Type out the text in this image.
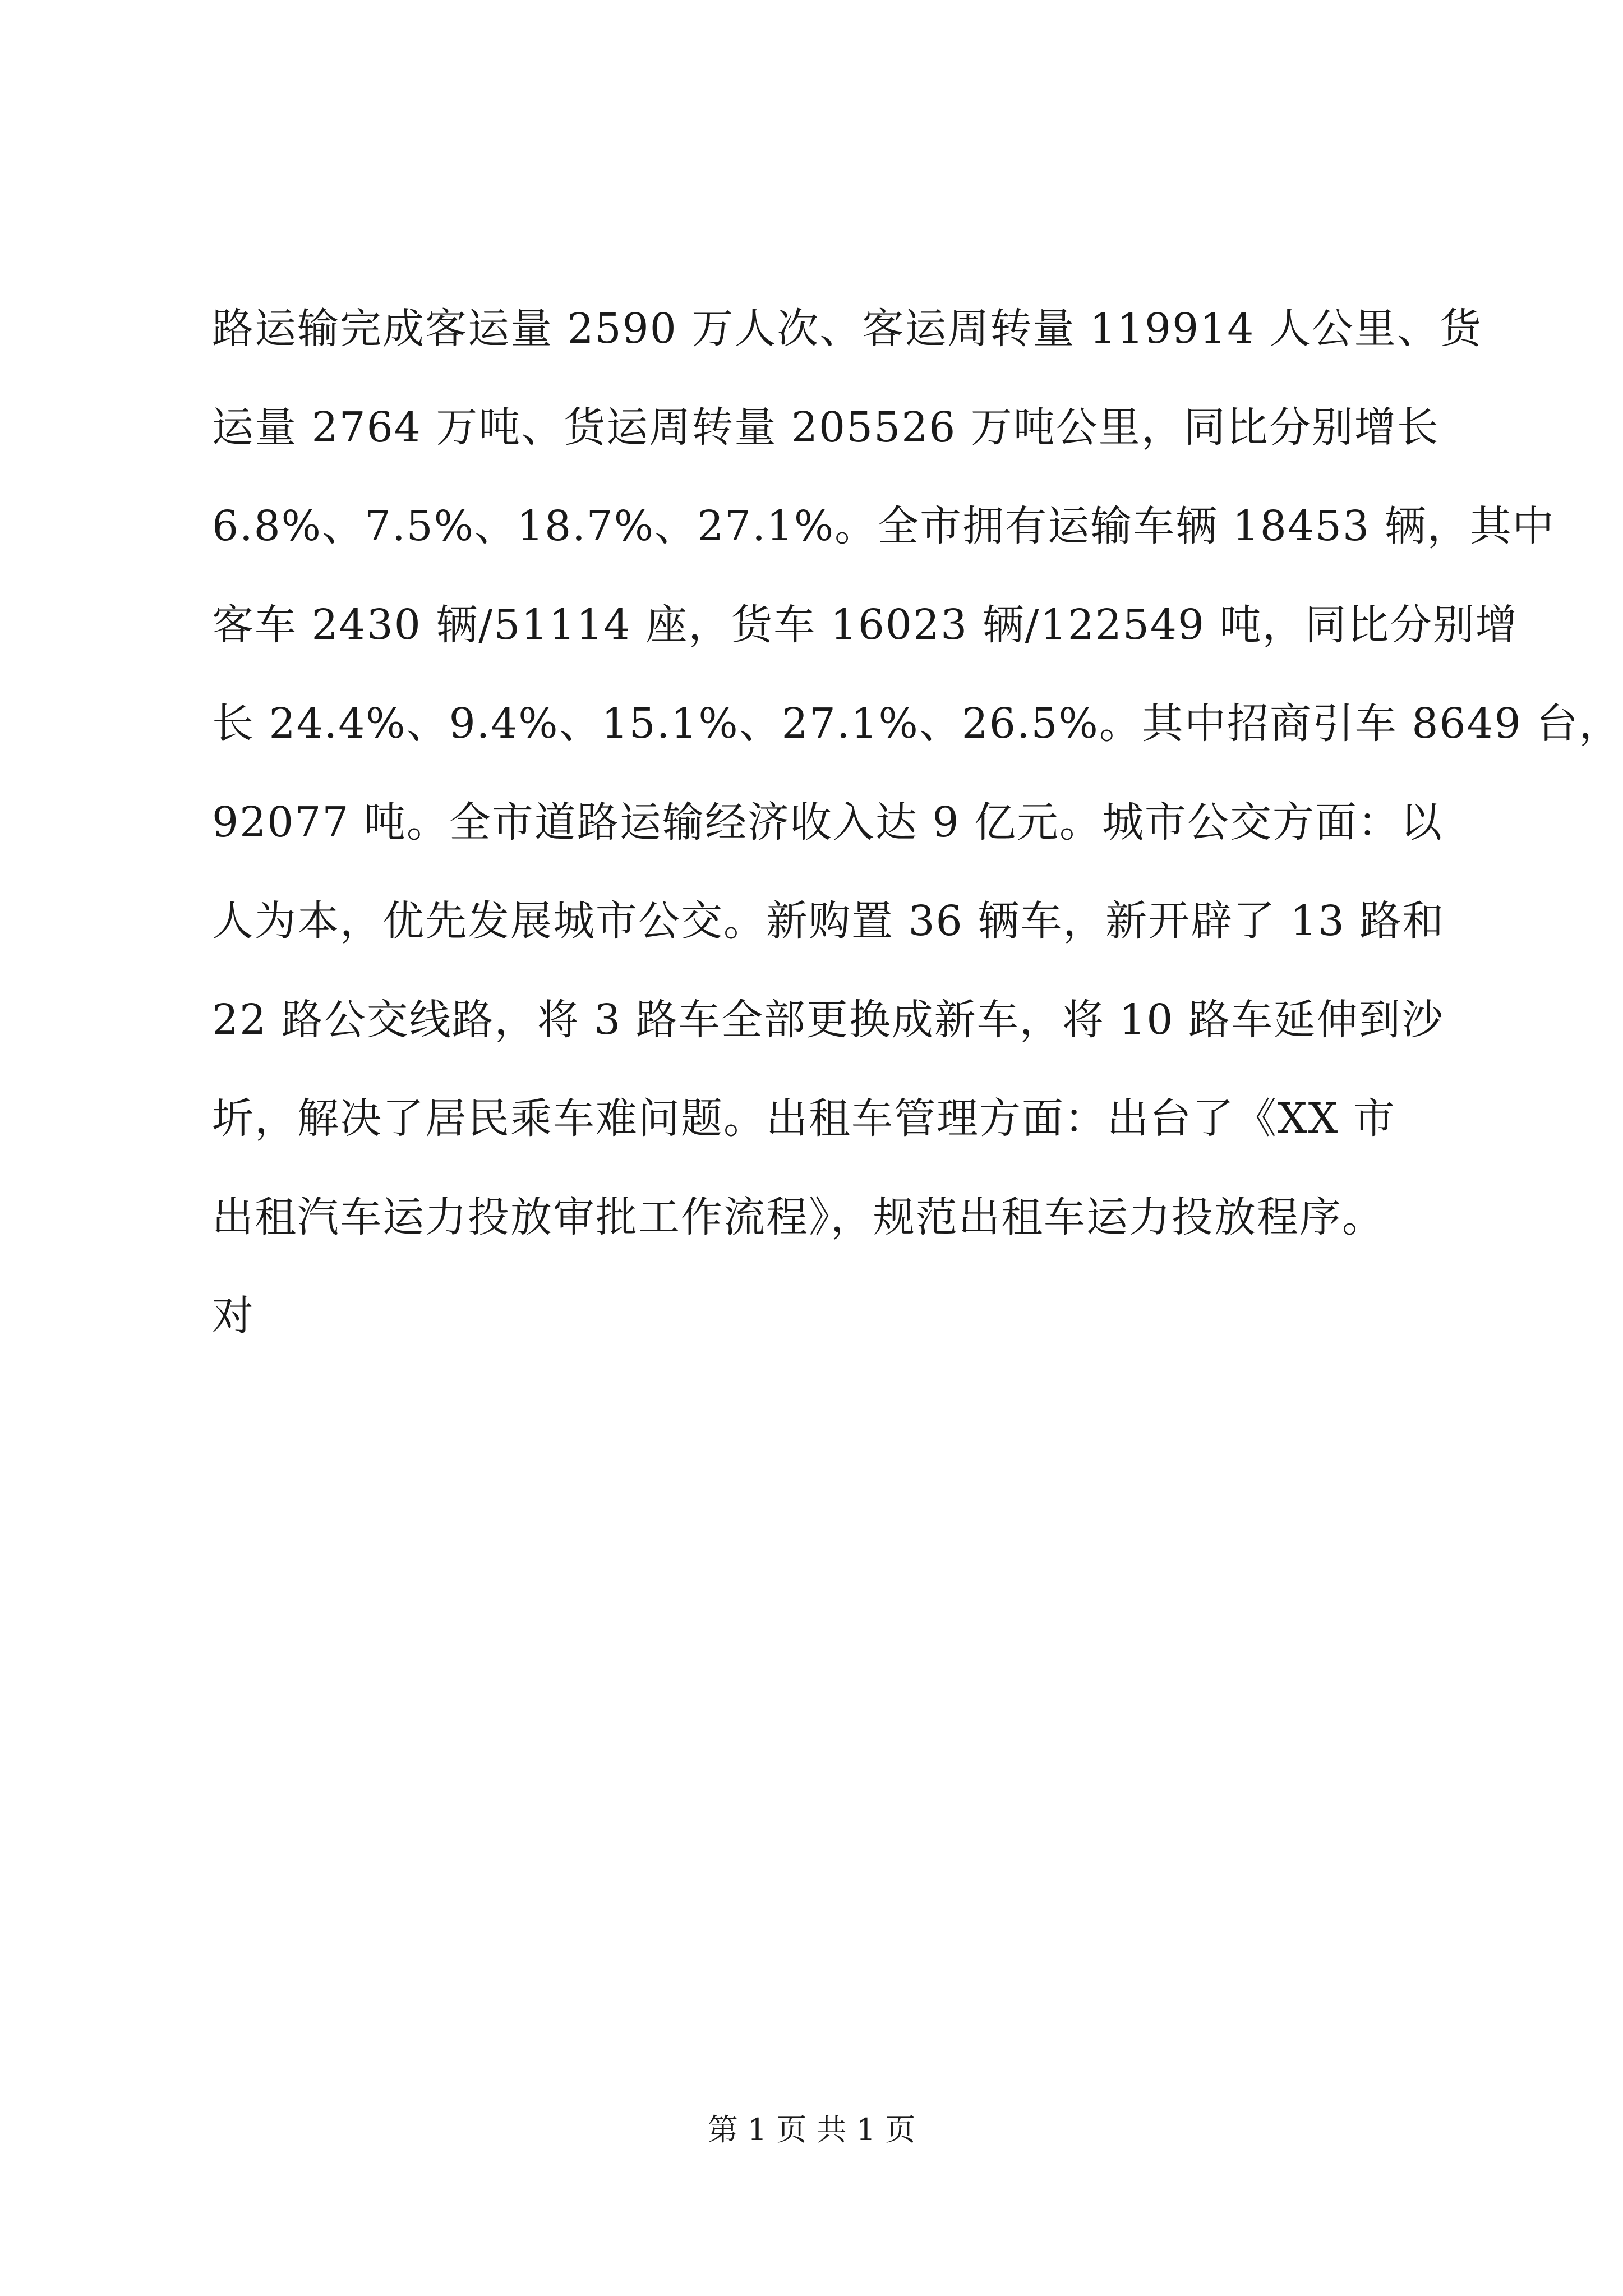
路运输完成客运量 2590 万人次、客运周转量 119914 人公里、货
运量 2764 万吨、货运周转量 205526 万吨公里，同比分别增长
6.8%、7.5%、18.7%、27.1%。全市拥有运输车辆 18453 辆，其中
客车 2430 辆/51114 座，货车 16023 辆/122549 吨，同比分别增
长 24.4%、9.4%、15.1%、27.1%、26.5%。其中招商引车 8649 台，
92077 吨。全市道路运输经济收入达 9 亿元。城市公交方面：以
人为本，优先发展城市公交。新购置 36 辆车，新开辟了 13 路和
22 路公交线路，将 3 路车全部更换成新车，将 10 路车延伸到沙
圻，解决了居民乘车难问题。出租车管理方面：出台了《XX 市
出租汽车运力投放审批工作流程》，规范出租车运力投放程序。
对
第 1 页 共 1 页
